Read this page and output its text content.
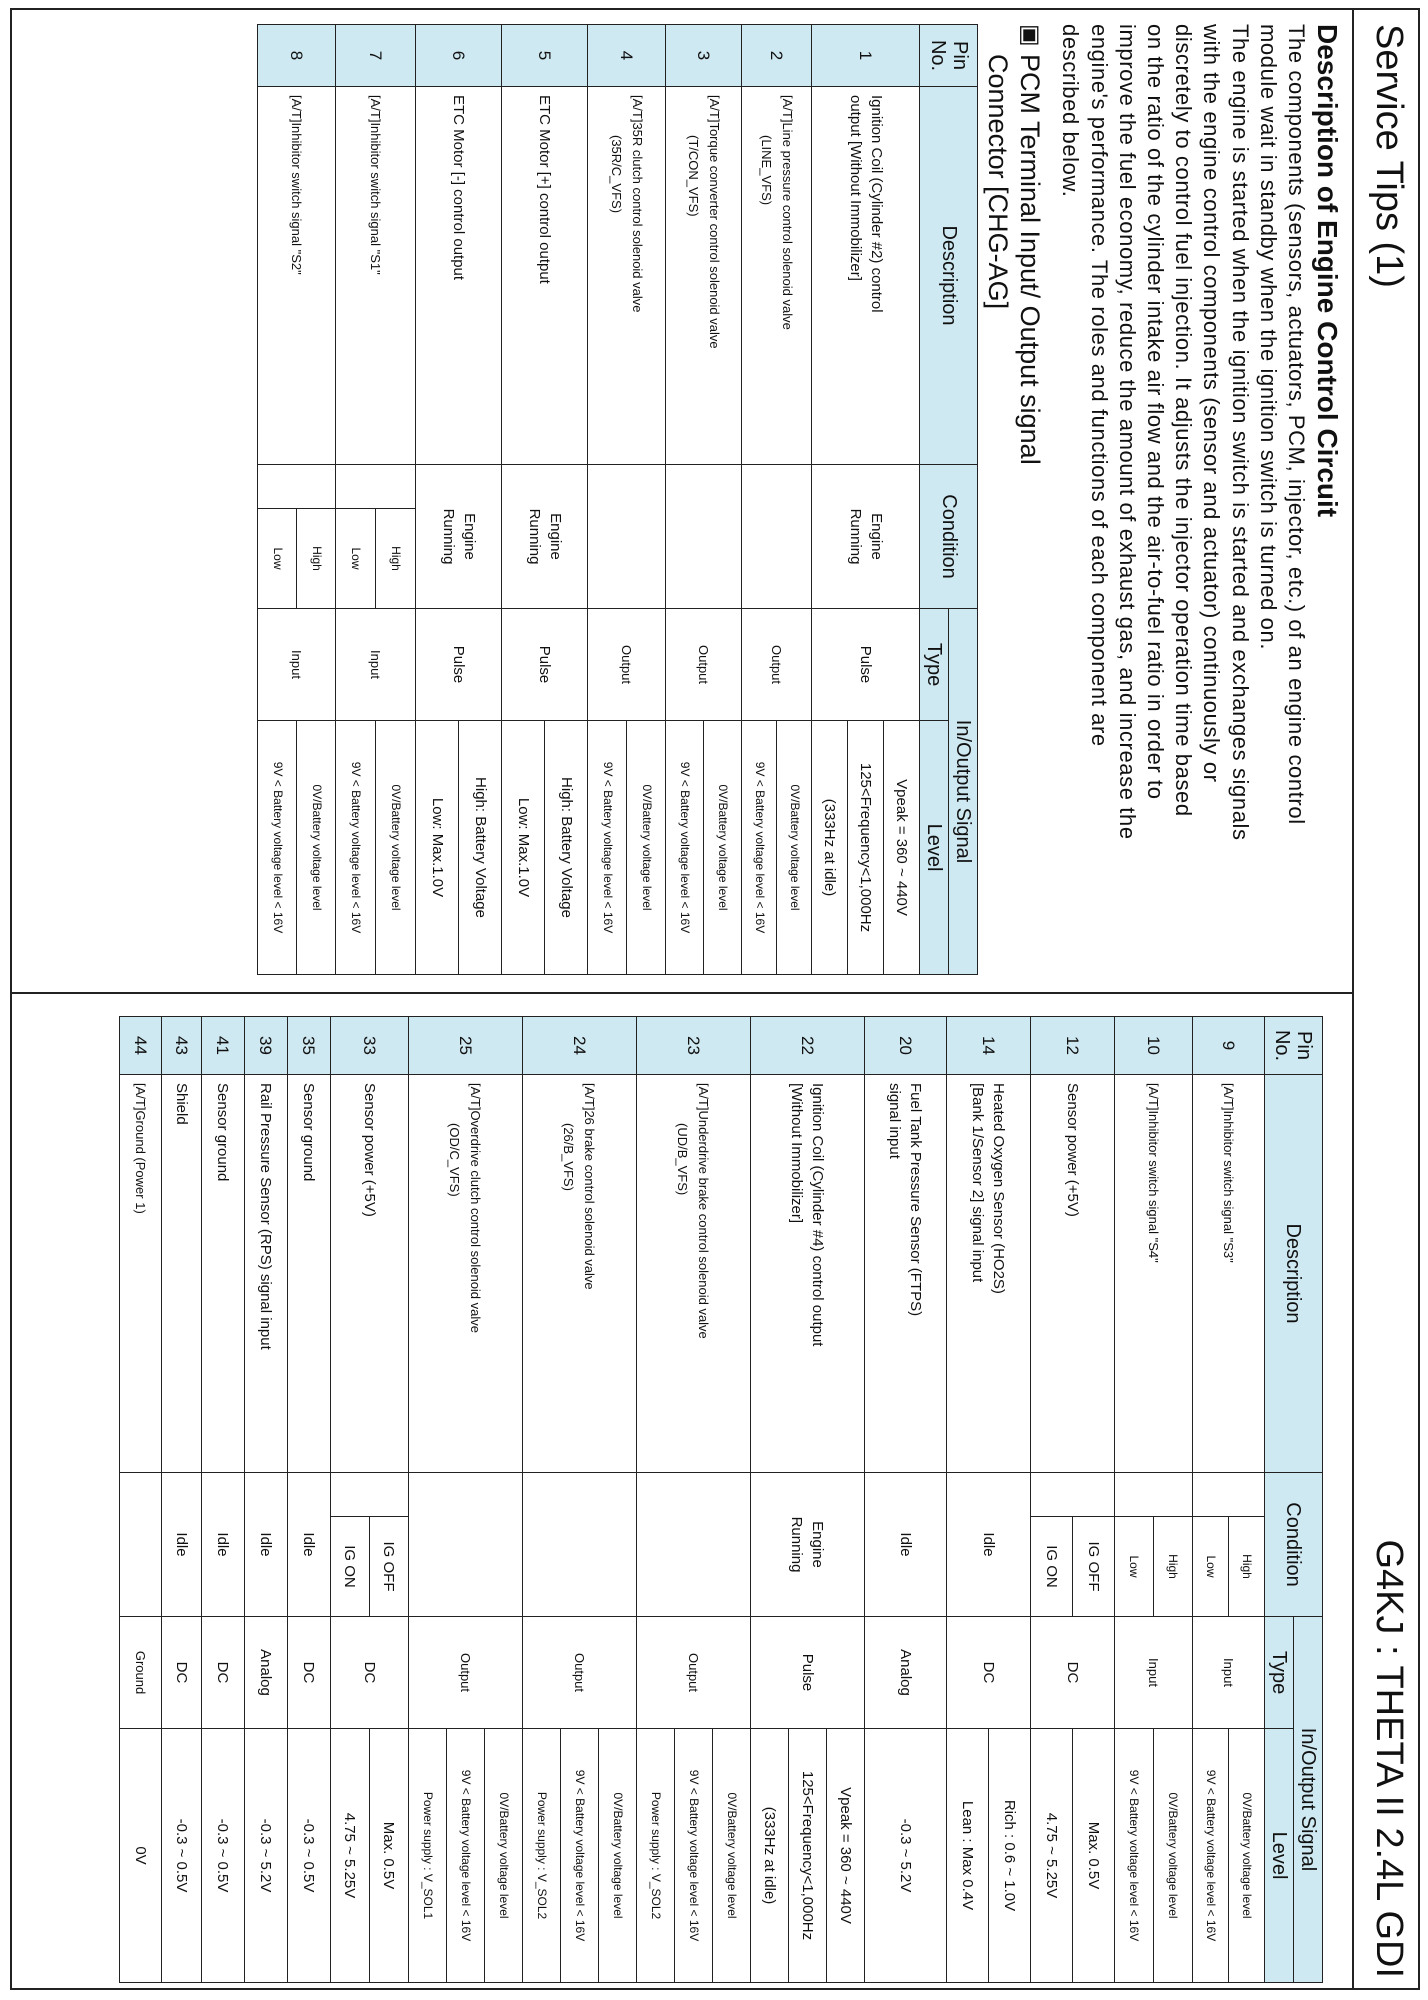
Service Tips (1)
G4KJ : THETA II 2.4L GDI
Description of Engine Control Circuit
The components (sensors, actuators, PCM, injector, etc.) of an engine control
module wait in standby when the ignition switch is turned on.
The engine is started when the ignition switch is started and exchanges signals
with the engine control components (sensor and actuator) continuously or
discretely to control fuel injection. It adjusts the injector operation time based
on the ratio of the cylinder intake air flow and the air-to-fuel ratio in order to
improve the fuel economy, reduce the amount of exhaust gas, and increase the
engine's performance. The roles and functions of each component are
described below.
▣
PCM Terminal Input/ Output signal
Connector [CHG-AG]
Pin
No.	Description	Condition		In/Output Signal	
				Type	Level
1	Ignition Coil (Cylinder #2) control
output [Without Immobilizer]	Engine
Running		Pulse	Vpeak = 360 ~ 440V
					125<Frequency<1,000Hz
					(333Hz at idle)
2	[A/T]Line pressure control solenoid valve
(LINE_VFS)			Output	0V/Battery voltage level
					9V < Battery voltage level < 16V
3	[A/T]Torque converter control solenoid valve
(T/CON_VFS)			Output	0V/Battery voltage level
					9V < Battery voltage level < 16V
4	[A/T]35R clutch control solenoid valve
(35R/C_VFS)			Output	0V/Battery voltage level
					9V < Battery voltage level < 16V
5	ETC Motor [+] control output	Engine
Running		Pulse	High: Battery Voltage
					Low: Max.1.0V
6	ETC Motor [-] control output	Engine
Running		Pulse	High: Battery Voltage
					Low: Max.1.0V
7	[A/T]Inhibitor switch signal "S1"		High	Input	0V/Battery voltage level
			Low		9V < Battery voltage level < 16V
8	[A/T]Inhibitor switch signal "S2"		High	Input	0V/Battery voltage level
			Low		9V < Battery voltage level < 16V
Pin
No.	Description	Condition		In/Output Signal	
				Type	Level
9	[A/T]Inhibitor switch signal "S3"		High	Input	0V/Battery voltage level
			Low		9V < Battery voltage level < 16V
10	[A/T]Inhibitor switch signal "S4"		High	Input	0V/Battery voltage level
			Low		9V < Battery voltage level < 16V
12	Sensor power (+5V)		IG OFF	DC	Max. 0.5V
			IG ON		4.75 ~ 5.25V
14	Heated Oxygen Sensor (HO2S)
[Bank 1/Sensor 2] signal input	Idle		DC	Rich : 0.6 ~ 1.0V
					Lean : Max 0.4V
20	Fuel Tank Pressure Sensor (FTPS)
signal input	Idle		Analog	-0.3 ~ 5.2V
22	Ignition Coil (Cylinder #4) control output
[Without Immobilizer]	Engine
Running		Pulse	Vpeak = 360 ~ 440V
					125<Frequency<1,000Hz
					(333Hz at idle)
23	[A/T]Underdrive brake control solenoid valve
(UD/B_VFS)			Output	0V/Battery voltage level
					9V < Battery voltage level < 16V
					Power supply : V_SOL2
24	[A/T]26 brake control solenoid valve
(26/B_VFS)			Output	0V/Battery voltage level
					9V < Battery voltage level < 16V
					Power supply : V_SOL2
25	[A/T]Overdrive clutch control solenoid valve
(OD/C_VFS)			Output	0V/Battery voltage level
					9V < Battery voltage level < 16V
					Power supply : V_SOL1
33	Sensor power (+5V)		IG OFF	DC	Max. 0.5V
			IG ON		4.75 ~ 5.25V
35	Sensor ground	Idle		DC	-0.3 ~ 0.5V
39	Rail Pressure Sensor (RPS) signal input	Idle		Analog	-0.3 ~ 5.2V
41	Sensor ground	Idle		DC	-0.3 ~ 0.5V
43	Shield	Idle		DC	-0.3 ~ 0.5V
44	[A/T]Ground (Power 1)			Ground	0V
